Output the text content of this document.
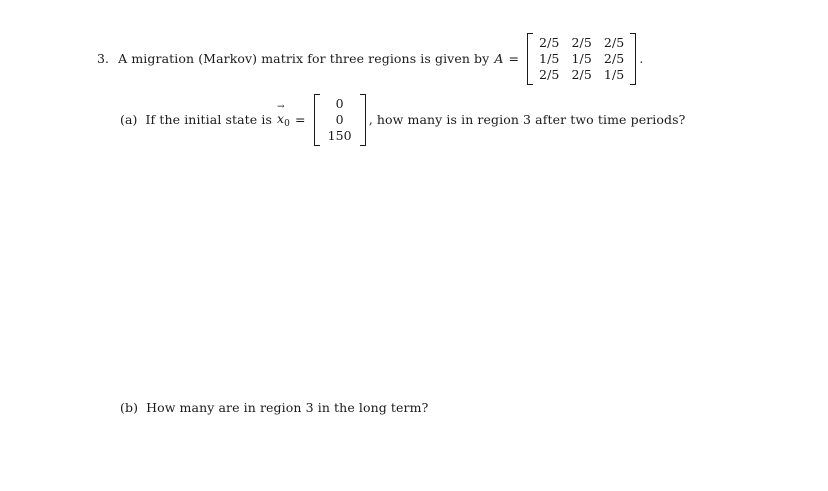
3. A migration (Markov) matrix for three regions is given by A =
2/5 2/5 2/5
1/5 1/5 2/5
2/5 2/5 1/5
.
(a) If the initial state is
→
$x_0$ =
0
0
150
, how many is in region 3 after two time periods?
(b) How many are in region 3 in the long term?
